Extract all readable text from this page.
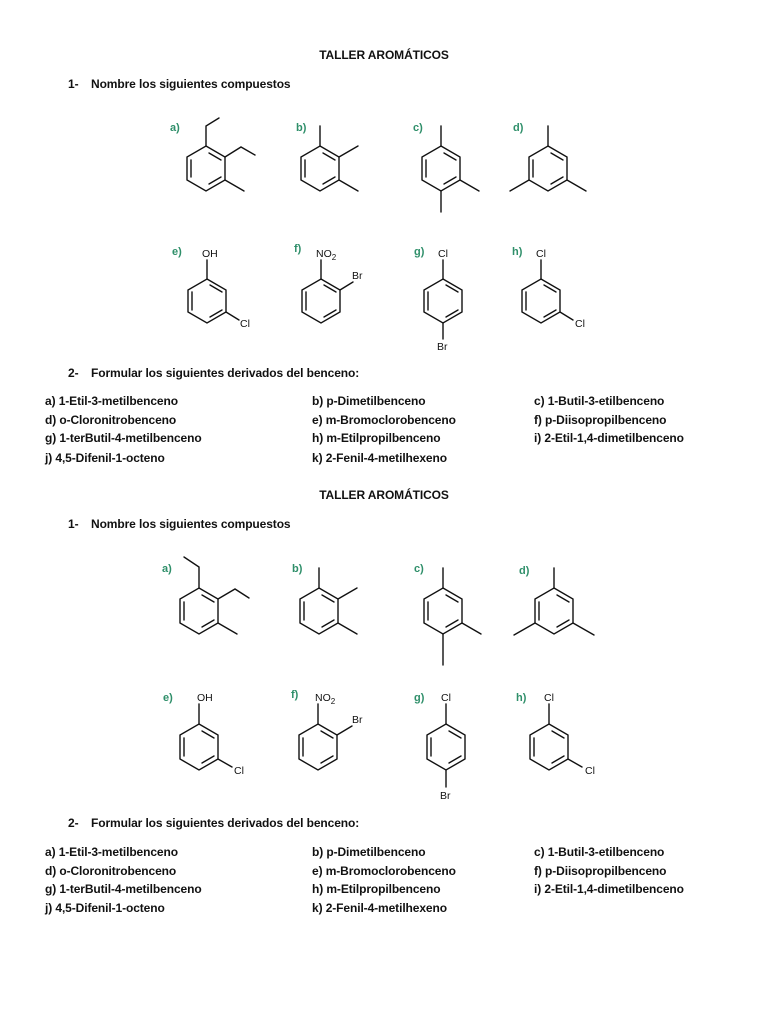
TALLER AROMÁTICOS
1- Nombre los siguientes compuestos
a)	b)	c)	d)
e) OH
Cl
f) $NO_2$
Br
g) Cl
Br
h) Cl
Cl
2- Formular los siguientes derivados del benceno:
a) 1-Etil-3-metilbenceno	b) p-Dimetilbenceno	c) 1-Butil-3-etilbenceno
d) o-Cloronitrobenceno	e) m-Bromoclorobenceno	f) p-Diisopropilbenceno
g) 1-terButil-4-metilbenceno	h) m-Etilpropilbenceno	i) 2-Etil-1,4-dimetilbenceno
j) 4,5-Difenil-1-octeno	k) 2-Fenil-4-metilhexeno
TALLER AROMÁTICOS
1- Nombre los siguientes compuestos
a)	b)	c)	d)
e) OH
Cl
f) $NO_2$
Br
g) Cl
Br
h) Cl
Cl
2- Formular los siguientes derivados del benceno:
a) 1-Etil-3-metilbenceno	b) p-Dimetilbenceno	c) 1-Butil-3-etilbenceno
d) o-Cloronitrobenceno	e) m-Bromoclorobenceno	f) p-Diisopropilbenceno
g) 1-terButil-4-metilbenceno	h) m-Etilpropilbenceno	i) 2-Etil-1,4-dimetilbenceno
j) 4,5-Difenil-1-octeno	k) 2-Fenil-4-metilhexeno
